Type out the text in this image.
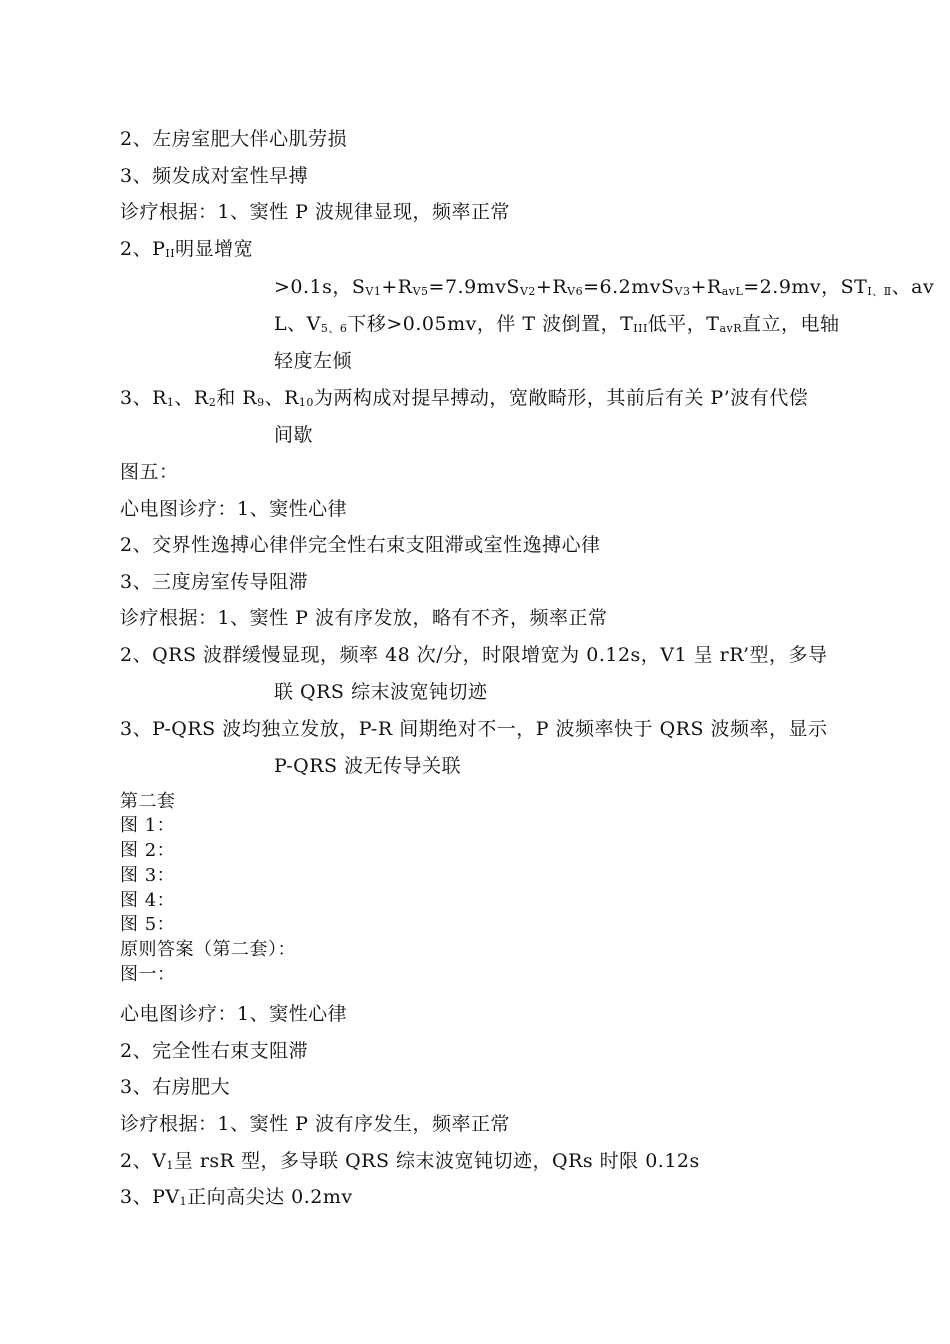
2、左房室肥大伴心肌劳损
3、频发成对室性早搏
诊疗根据：1、窦性 P 波规律显现，频率正常
2、$P_{II}$明显增宽
>0.1s，$S_{V1}+R_{V5}=7.9mvS_{V2}+R_{V6}=6.2mvS_{V3}+R_{avL}=2.9mv$，$ST_{Ⅰ、Ⅱ}$、av
L、$V_{5、6}$下移>0.05mv，伴 T 波倒置，$T_{III}$低平，$T_{avR}$直立，电轴
轻度左倾
3、$R_1$、$R_2$和 $R_9$、$R_{10}$为两构成对提早搏动，宽敞畸形，其前后有关 P’波有代偿
间歇
图五：
心电图诊疗：1、窦性心律
2、交界性逸搏心律伴完全性右束支阻滞或室性逸搏心律
3、三度房室传导阻滞
诊疗根据：1、窦性 P 波有序发放，略有不齐，频率正常
2、QRS 波群缓慢显现，频率 48 次/分，时限增宽为 0.12s，V1 呈 rR’型，多导
联 QRS 综末波宽钝切迹
3、P-QRS 波均独立发放，P-R 间期绝对不一，P 波频率快于 QRS 波频率，显示
P-QRS 波无传导关联
第二套
图 1：
图 2：
图 3：
图 4：
图 5：
原则答案（第二套）：
图一：
心电图诊疗：1、窦性心律
2、完全性右束支阻滞
3、右房肥大
诊疗根据：1、窦性 P 波有序发生，频率正常
2、$V_1$呈 rsR 型，多导联 QRS 综末波宽钝切迹，QRs 时限 0.12s
3、$PV_1$正向高尖达 0.2mv
